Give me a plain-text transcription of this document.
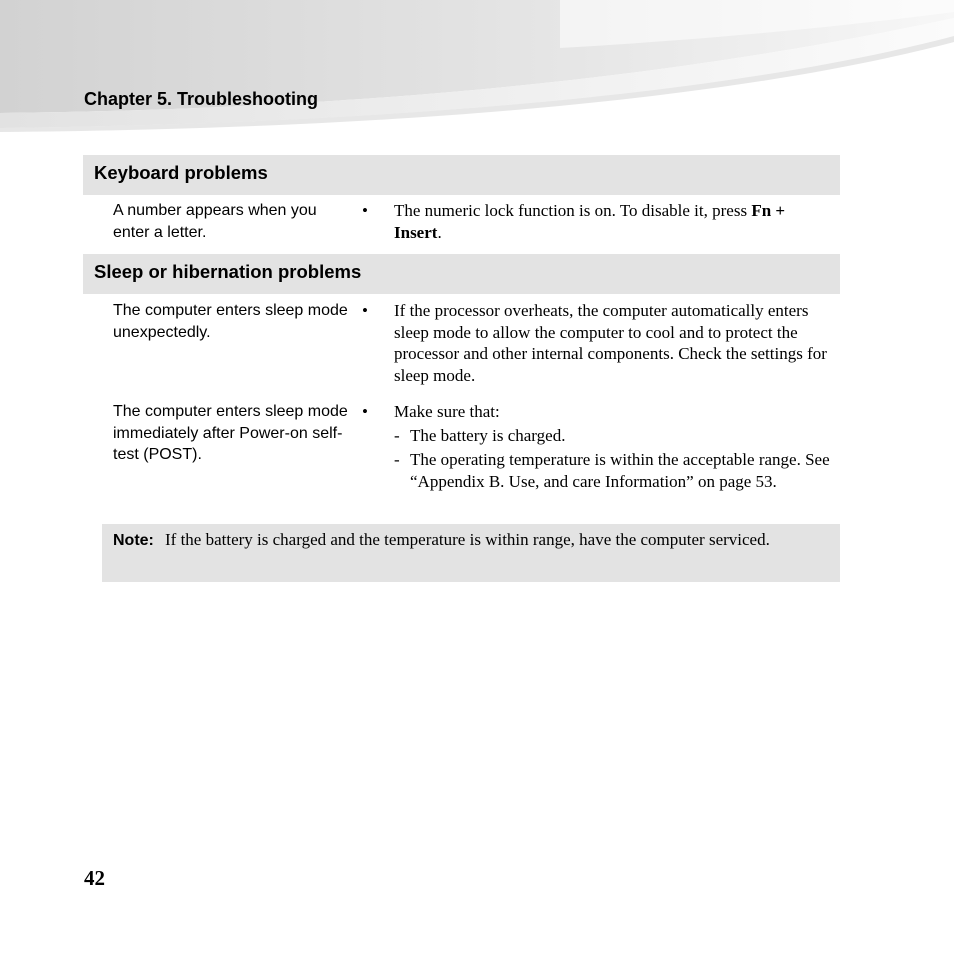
Chapter 5. Troubleshooting
Keyboard problems
A number appears when you enter a letter.
• The numeric lock function is on. To disable it, press Fn + Insert.
Sleep or hibernation problems
The computer enters sleep mode unexpectedly.
• If the processor overheats, the computer automatically enters sleep mode to allow the computer to cool and to protect the processor and other internal components. Check the settings for sleep mode.
The computer enters sleep mode immediately after Power-on self-test (POST).
• Make sure that:
- The battery is charged.
- The operating temperature is within the acceptable range. See “Appendix B. Use, and care Information” on page 53.
Note: If the battery is charged and the temperature is within range, have the computer serviced.
42
